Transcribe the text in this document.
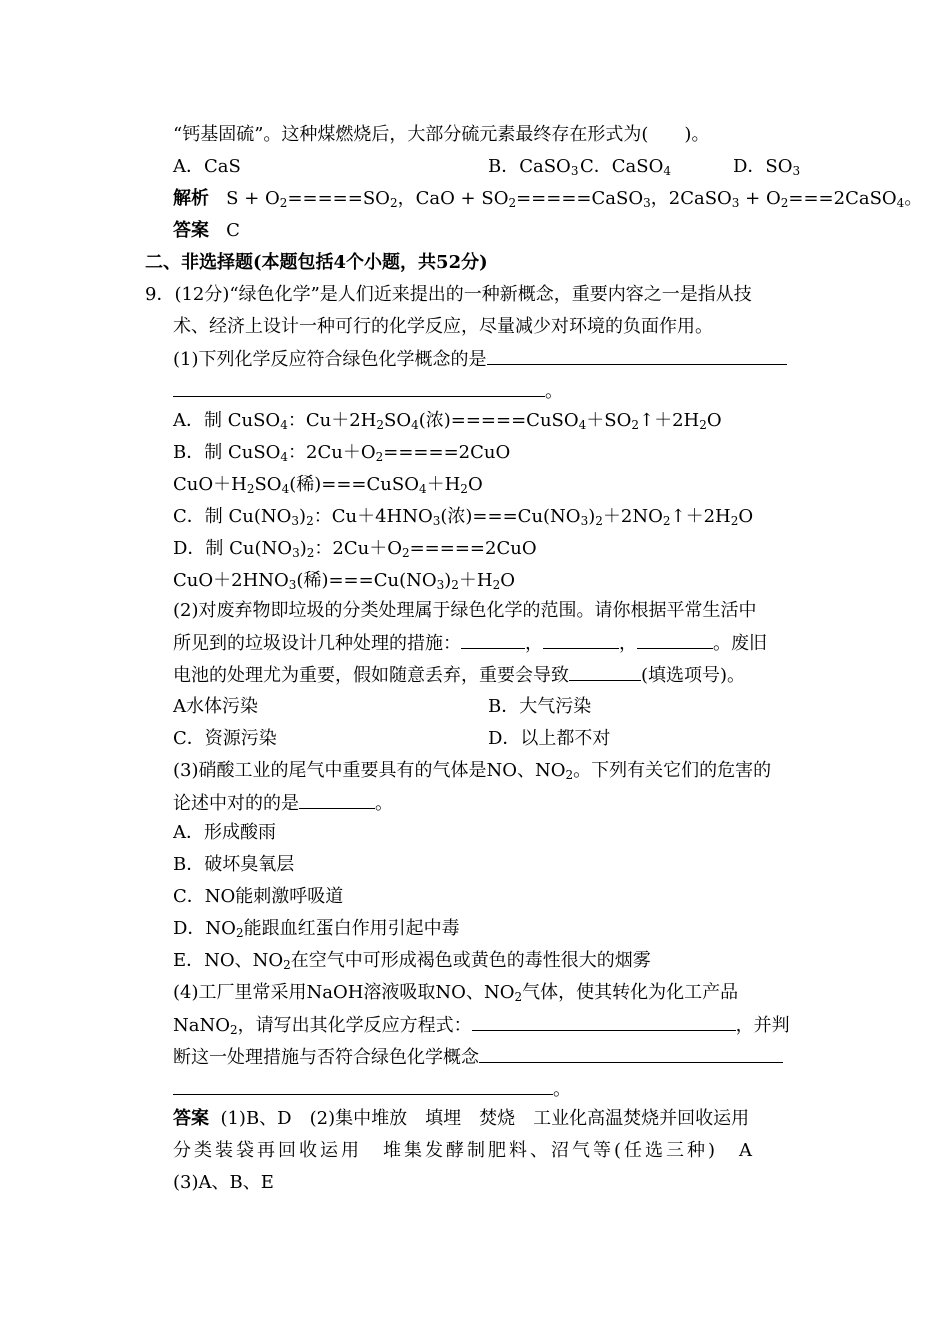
“钙基固硫”。这种煤燃烧后，大部分硫元素最终存在形式为(　　)。
A．CaS	B．CaSO$_3$ C．CaSO$_4$	D．$SO_3$
解析 $S + O_2=====SO_2$，CaO + $SO_2=====CaSO_3$，2CaSO$_3$ + $O_2===2CaSO_4$。
答案 C
二、非选择题(本题包括4个小题，共52分)
9．(12分)“绿色化学”是人们近来提出的一种新概念，重要内容之一是指从技
术、经济上设计一种可行的化学反应，尽量减少对环境的负面作用。
(1)下列化学反应符合绿色化学概念的是
。
A．制 CuSO$_4$：$Cu+2H_2SO_4$(浓)$=====CuSO_4+SO_2↑+2H_2O$
B．制 CuSO$_4$：$2Cu+O_2=====2CuO$
$CuO+H_2SO_4$(稀)$===CuSO_4+H_2O$
C．制 $Cu(NO_3)_2$：$Cu+4HNO_3$(浓)$===Cu(NO_3)_2+2NO_2↑+2H_2O$
D．制 $Cu(NO_3)_2$：$2Cu+O_2=====2CuO$
$CuO+2HNO_3$(稀)$===Cu(NO_3)_2+H_2O$
(2)对废弃物即垃圾的分类处理属于绿色化学的范围。请你根据平常生活中
所见到的垃圾设计几种处理的措施：	，	，	。废旧
电池的处理尤为重要，假如随意丢弃，重要会导致	(填选项号)。
A水体污染	B．大气污染
C．资源污染	D．以上都不对
(3)硝酸工业的尾气中重要具有的气体是NO、$NO_2$。下列有关它们的危害的
论述中对的的是	。
A．形成酸雨
B．破坏臭氧层
C．NO能刺激呼吸道
D．$NO_2$能跟血红蛋白作用引起中毒
E．NO、$NO_2$在空气中可形成褐色或黄色的毒性很大的烟雾
(4)工厂里常采用NaOH溶液吸取NO、$NO_2$气体，使其转化为化工产品
NaNO$_2$，请写出其化学反应方程式：	，并判
断这一处理措施与否符合绿色化学概念
。
答案 (1)B、D　(2)集中堆放　填埋　焚烧　工业化高温焚烧并回收运用
分类装袋再回收运用　堆集发酵制肥料、沼气等(任选三种)　A
(3)A、B、E
